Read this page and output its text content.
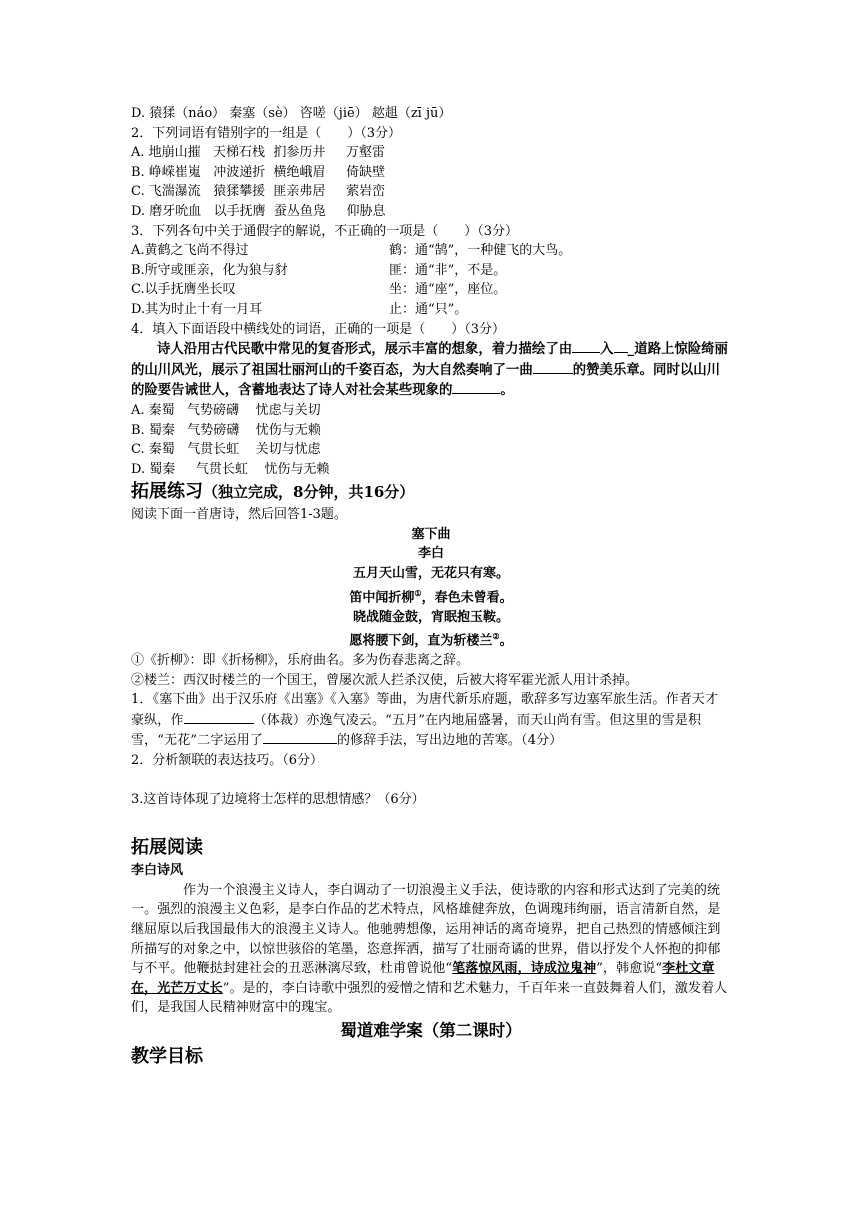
D. 猿猱（náo） 秦塞（sè） 咨嗟（jiē） 趑趄（zī jū）
2．下列词语有错别字的一组是（　　）（3分）
A. 地崩山摧   天梯石栈  扪参历井     万壑雷
B. 峥嵘崔嵬   冲波递折  横绝峨眉     倚缺壁
C. 飞湍瀑流   猿猱攀援  匪亲弗居     萦岩峦
D. 磨牙吮血   以手抚膺  蚕丛鱼凫     仰胁息
3．下列各句中关于通假字的解说，不正确的一项是（　　）（3分）
A.黄鹤之飞尚不得过	鹤：通“鹄”，一种健飞的大鸟。
B.所守或匪亲，化为狼与豺	匪：通“非”，不是。
C.以手抚膺坐长叹	坐：通“座”，座位。
D.其为时止十有一月耳	止：通“只”。
4．填入下面语段中横线处的词语，正确的一项是（　　）（3分）
诗人沿用古代民歌中常见的复沓形式，展示丰富的想象，着力描绘了由 入 _道路上惊险绮丽的山川风光，展示了祖国壮丽河山的千姿百态，为大自然奏响了一曲	的赞美乐章。同时以山川的险要告诫世人，含蓄地表达了诗人对社会某些现象的	。
A. 秦蜀   气势磅礴    忧虑与关切
B. 蜀秦   气势磅礴    忧伤与无赖
C. 秦蜀   气贯长虹    关切与忧虑
D. 蜀秦     气贯长虹    忧伤与无赖
拓展练习（独立完成，8分钟，共16分）
阅读下面一首唐诗，然后回答1-3题。
塞下曲
李白
五月天山雪，无花只有寒。
笛中闻折柳①，春色未曾看。
晓战随金鼓，宵眠抱玉鞍。
愿将腰下剑，直为斩楼兰②。
①《折柳》：即《折杨柳》，乐府曲名。多为伤春悲离之辞。
②楼兰：西汉时楼兰的一个国王，曾屡次派人拦杀汉使，后被大将军霍光派人用计杀掉。
1．《塞下曲》出于汉乐府《出塞》《入塞》等曲，为唐代新乐府题，歌辞多写边塞军旅生活。作者天才豪纵，作	（体裁）亦逸气凌云。“五月”在内地届盛暑，而天山尚有雪。但这里的雪是积雪，“无花”二字运用了	的修辞手法，写出边地的苦寒。（4分）
2．分析颔联的表达技巧。（6分）
3.这首诗体现了边境将士怎样的思想情感？（6分）
拓展阅读
李白诗风
作为一个浪漫主义诗人，李白调动了一切浪漫主义手法，使诗歌的内容和形式达到了完美的统一。强烈的浪漫主义色彩，是李白作品的艺术特点，风格雄健奔放，色调瑰玮绚丽，语言清新自然，是继屈原以后我国最伟大的浪漫主义诗人。他驰骋想像，运用神话的离奇境界，把自己热烈的情感倾注到所描写的对象之中，以惊世骇俗的笔墨，恣意挥洒，描写了壮丽奇谲的世界，借以抒发个人怀抱的抑郁与不平。他鞭挞封建社会的丑恶淋漓尽致，杜甫曾说他“笔落惊风雨，诗成泣鬼神”，韩愈说“李杜文章在，光芒万丈长”。是的，李白诗歌中强烈的爱憎之情和艺术魅力，千百年来一直鼓舞着人们，激发着人们，是我国人民精神财富中的瑰宝。
蜀道难学案（第二课时）
教学目标
